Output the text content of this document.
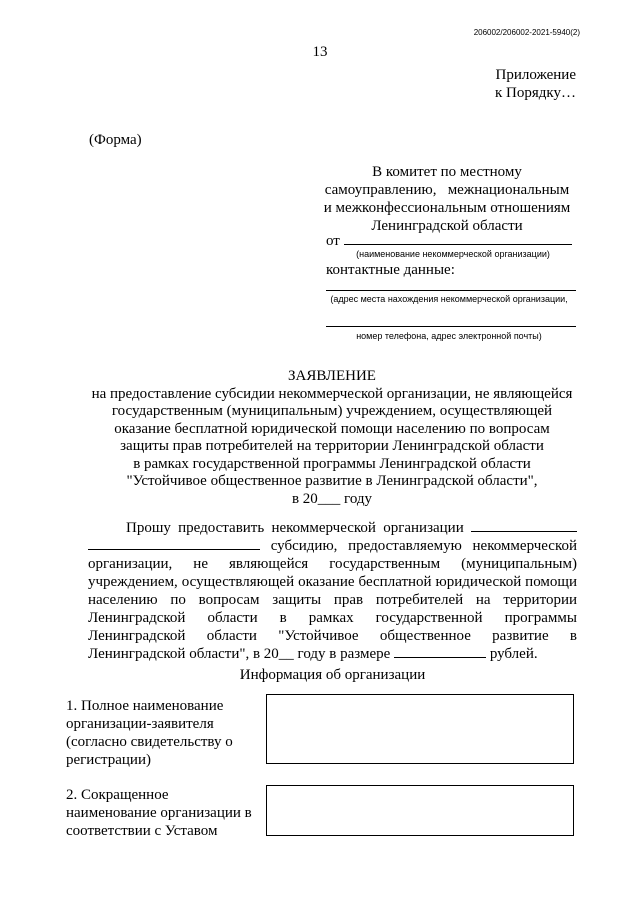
206002/206002-2021-5940(2)
13
Приложение
к Порядку…
(Форма)
В комитет по местному
самоуправлению,   межнациональным
и межконфессиональным отношениям
Ленинградской области
от
(наименование некоммерческой организации)
контактные данные:
(адрес места нахождения некоммерческой организации,
номер телефона, адрес электронной почты)
ЗАЯВЛЕНИЕ
на предоставление субсидии некоммерческой организации, не являющейся
государственным (муниципальным) учреждением, осуществляющей
оказание бесплатной юридической помощи населению по вопросам
защиты прав потребителей на территории Ленинградской области
в рамках государственной программы Ленинградской области
"Устойчивое общественное развитие в Ленинградской области",
в 20___ году
Прошу предоставить некоммерческой организации   субсидию, предоставляемую некоммерческой организации, не являющейся государственным (муниципальным) учреждением, осуществляющей оказание бесплатной юридической помощи населению по вопросам защиты прав потребителей на территории Ленинградской области в рамках государственной программы Ленинградской области "Устойчивое общественное развитие в Ленинградской области", в 20__ году в размере	рублей.
Информация об организации
1. Полное наименование организации-заявителя (согласно свидетельству о регистрации)
2. Сокращенное наименование организации в соответствии с Уставом
